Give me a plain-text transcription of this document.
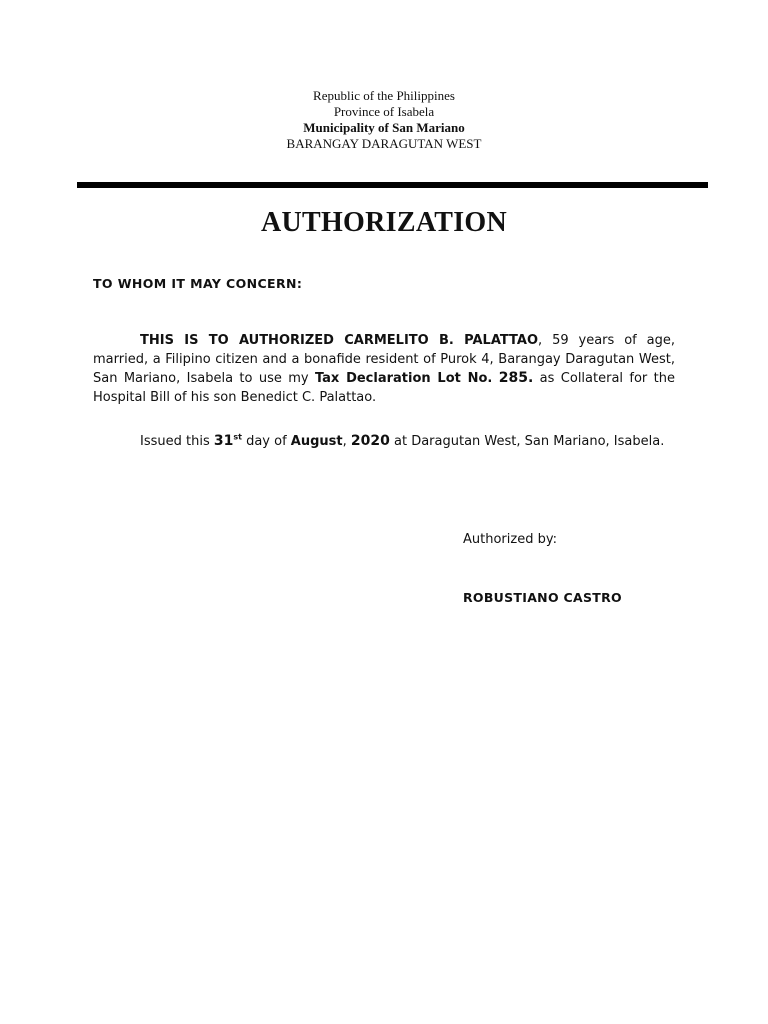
Republic of the Philippines
Province of Isabela
Municipality of San Mariano
BARANGAY DARAGUTAN WEST
AUTHORIZATION
TO WHOM IT MAY CONCERN:
THIS IS TO AUTHORIZED CARMELITO B. PALATTAO, 59 years of age, married, a Filipino citizen and a bonafide resident of Purok 4, Barangay Daragutan West, San Mariano, Isabela to use my Tax Declaration Lot No. 285. as Collateral for the Hospital Bill of his son Benedict C. Palattao.
Issued this 31st day of August, 2020 at Daragutan West, San Mariano, Isabela.
Authorized by:
ROBUSTIANO CASTRO
